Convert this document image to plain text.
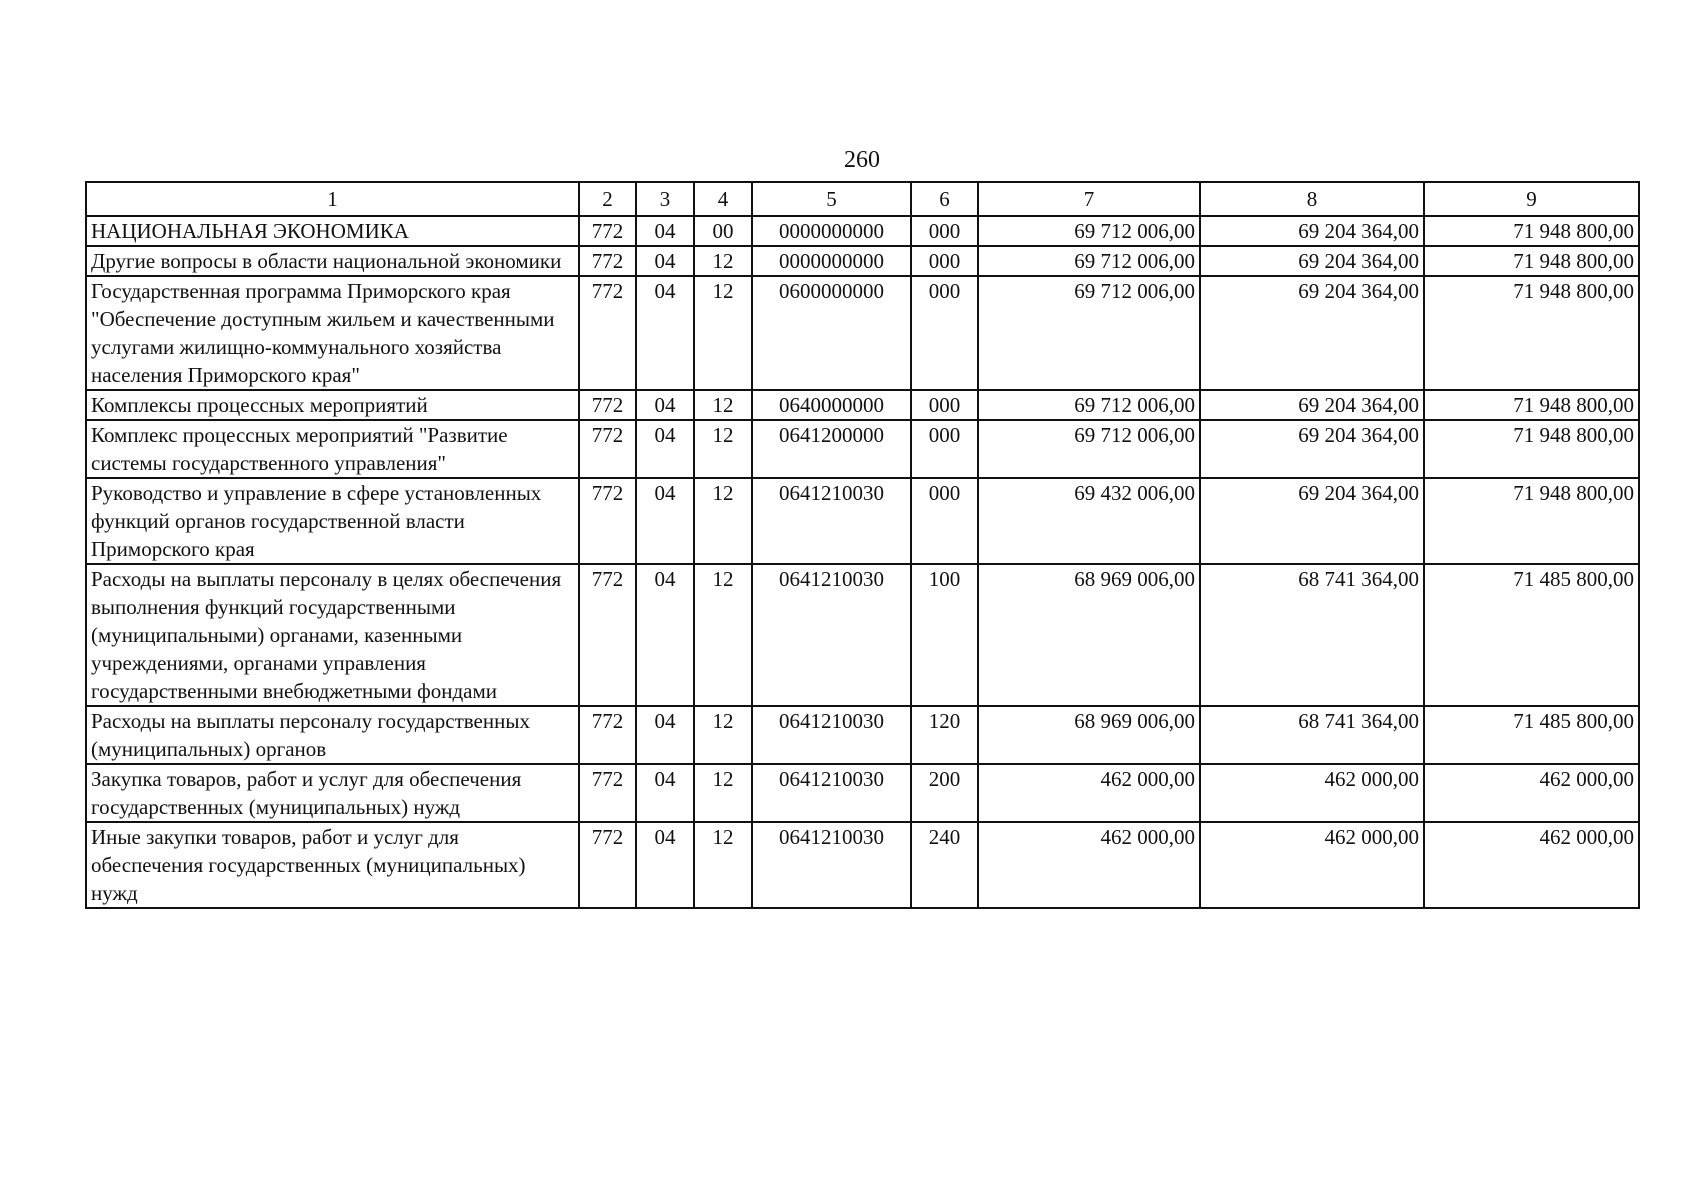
260
1	2	3	4	5	6	7	8	9
НАЦИОНАЛЬНАЯ ЭКОНОМИКА	772	04	00	0000000000	000	69 712 006,00	69 204 364,00	71 948 800,00
Другие вопросы в области национальной экономики	772	04	12	0000000000	000	69 712 006,00	69 204 364,00	71 948 800,00
Государственная программа Приморского края "Обеспечение доступным жильем и качественными услугами жилищно-коммунального хозяйства населения Приморского края"	772	04	12	0600000000	000	69 712 006,00	69 204 364,00	71 948 800,00
Комплексы процессных мероприятий	772	04	12	0640000000	000	69 712 006,00	69 204 364,00	71 948 800,00
Комплекс процессных мероприятий "Развитие системы государственного управления"	772	04	12	0641200000	000	69 712 006,00	69 204 364,00	71 948 800,00
Руководство и управление в сфере установленных функций органов государственной власти Приморского края	772	04	12	0641210030	000	69 432 006,00	69 204 364,00	71 948 800,00
Расходы на выплаты персоналу в целях обеспечения выполнения функций государственными (муниципальными) органами, казенными учреждениями, органами управления государственными внебюджетными фондами	772	04	12	0641210030	100	68 969 006,00	68 741 364,00	71 485 800,00
Расходы на выплаты персоналу государственных (муниципальных) органов	772	04	12	0641210030	120	68 969 006,00	68 741 364,00	71 485 800,00
Закупка товаров, работ и услуг для обеспечения государственных (муниципальных) нужд	772	04	12	0641210030	200	462 000,00	462 000,00	462 000,00
Иные закупки товаров, работ и услуг для обеспечения государственных (муниципальных) нужд	772	04	12	0641210030	240	462 000,00	462 000,00	462 000,00
